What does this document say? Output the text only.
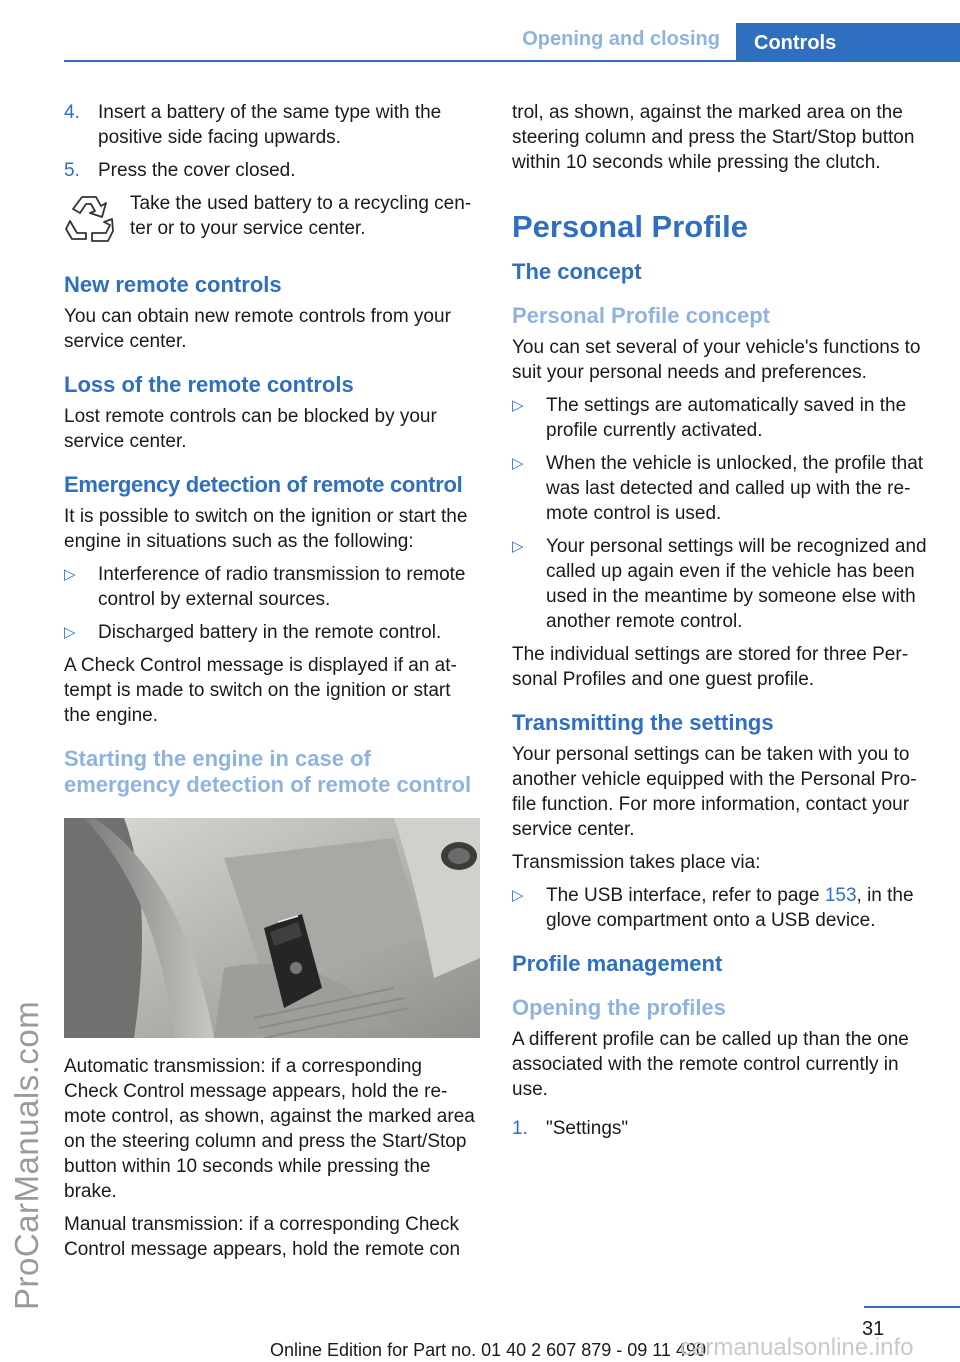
Opening and closing	Controls
4. Insert a battery of the same type with the positive side facing upwards.
5. Press the cover closed.
Take the used battery to a recycling center or to your service center.
New remote controls

You can obtain new remote controls from your service center.

Loss of the remote controls

Lost remote controls can be blocked by your service center.

Emergency detection of remote control

It is possible to switch on the ignition or start the engine in situations such as the following:

▷	Interference of radio transmission to remote control by external sources.
▷	Discharged battery in the remote control.

A Check Control message is displayed if an attempt is made to switch on the ignition or start the engine.

Starting the engine in case of emergency detection of remote control

Automatic transmission: if a corresponding Check Control message appears, hold the remote control, as shown, against the marked area on the steering column and press the Start/Stop button within 10 seconds while pressing the brake.

Manual transmission: if a corresponding Check Control message appears, hold the remote con

trol, as shown, against the marked area on the steering column and press the Start/Stop button within 10 seconds while pressing the clutch.

Personal Profile
The concept
Personal Profile concept

You can set several of your vehicle's functions to suit your personal needs and preferences.

▷	The settings are automatically saved in the profile currently activated.
▷	When the vehicle is unlocked, the profile that was last detected and called up with the remote control is used.
▷	Your personal settings will be recognized and called up again even if the vehicle has been used in the meantime by someone else with another remote control.

The individual settings are stored for three Personal Profiles and one guest profile.

Transmitting the settings

Your personal settings can be taken with you to another vehicle equipped with the Personal Profile function. For more information, contact your service center.

Transmission takes place via:

▷	The USB interface, refer to page 153, in the glove compartment onto a USB device.
Profile management
Opening the profiles

A different profile can be called up than the one associated with the remote control currently in use.

1. "Settings"
31
Online Edition for Part no. 01 40 2 607 879 - 09 11 490
ProCarManuals.com
carmanualsonline.info
